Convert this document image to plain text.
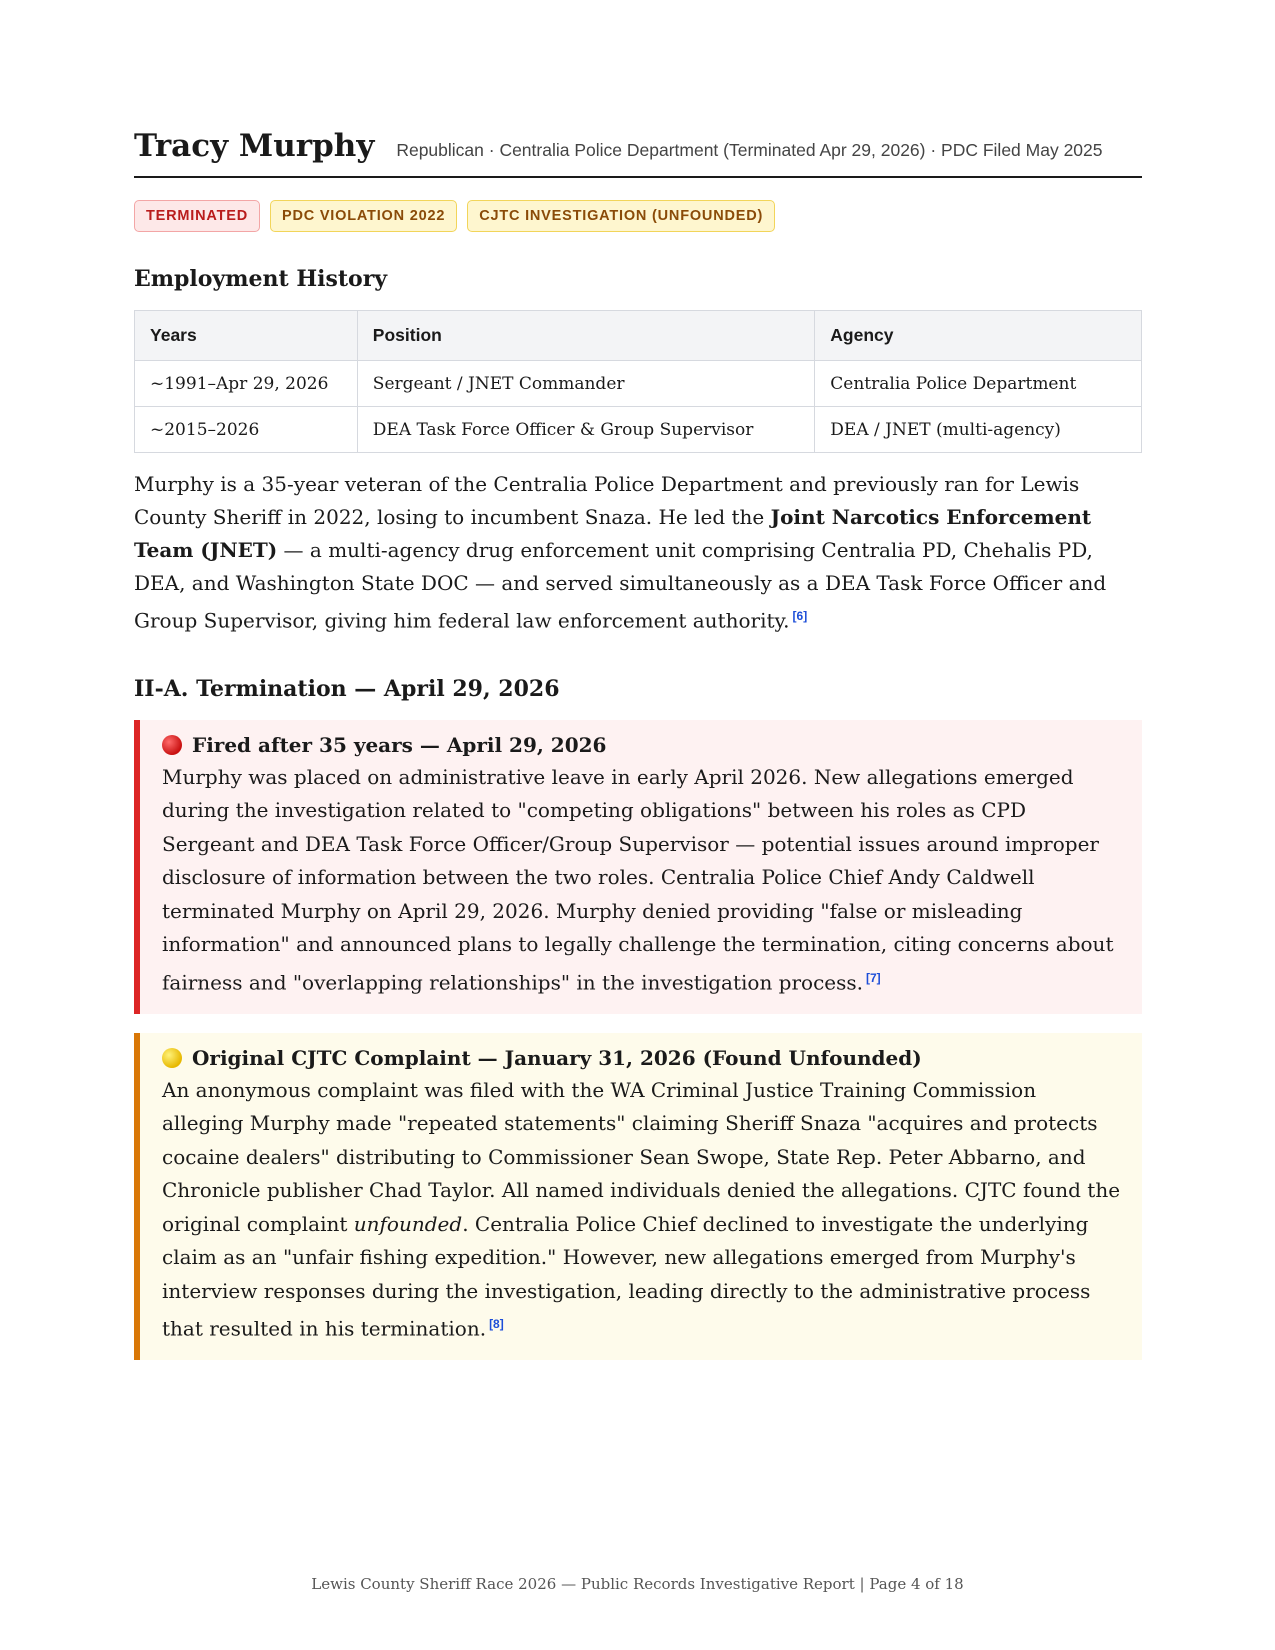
Tracy Murphy Republican · Centralia Police Department (Terminated Apr 29, 2026) · PDC Filed May 2025
TERMINATED	PDC VIOLATION 2022	CJTC INVESTIGATION (UNFOUNDED)
Employment History
Years	Position	Agency
~1991–Apr 29, 2026	Sergeant / JNET Commander	Centralia Police Department
~2015–2026	DEA Task Force Officer & Group Supervisor	DEA / JNET (multi-agency)

Murphy is a 35-year veteran of the Centralia Police Department and previously ran for Lewis County Sheriff in 2022, losing to incumbent Snaza. He led the Joint Narcotics Enforcement Team (JNET) — a multi-agency drug enforcement unit comprising Centralia PD, Chehalis PD, DEA, and Washington State DOC — and served simultaneously as a DEA Task Force Officer and Group Supervisor, giving him federal law enforcement authority. [6]

II-A. Termination — April 29, 2026
Fired after 35 years — April 29, 2026

Murphy was placed on administrative leave in early April 2026. New allegations emerged during the investigation related to "competing obligations" between his roles as CPD Sergeant and DEA Task Force Officer/Group Supervisor — potential issues around improper disclosure of information between the two roles. Centralia Police Chief Andy Caldwell terminated Murphy on April 29, 2026. Murphy denied providing "false or misleading information" and announced plans to legally challenge the termination, citing concerns about fairness and "overlapping relationships" in the investigation process. [7]

Original CJTC Complaint — January 31, 2026 (Found Unfounded)

An anonymous complaint was filed with the WA Criminal Justice Training Commission alleging Murphy made "repeated statements" claiming Sheriff Snaza "acquires and protects cocaine dealers" distributing to Commissioner Sean Swope, State Rep. Peter Abbarno, and Chronicle publisher Chad Taylor. All named individuals denied the allegations. CJTC found the original complaint unfounded. Centralia Police Chief declined to investigate the underlying claim as an "unfair fishing expedition." However, new allegations emerged from Murphy's interview responses during the investigation, leading directly to the administrative process that resulted in his termination. [8]

Lewis County Sheriff Race 2026 — Public Records Investigative Report | Page 4 of 18
